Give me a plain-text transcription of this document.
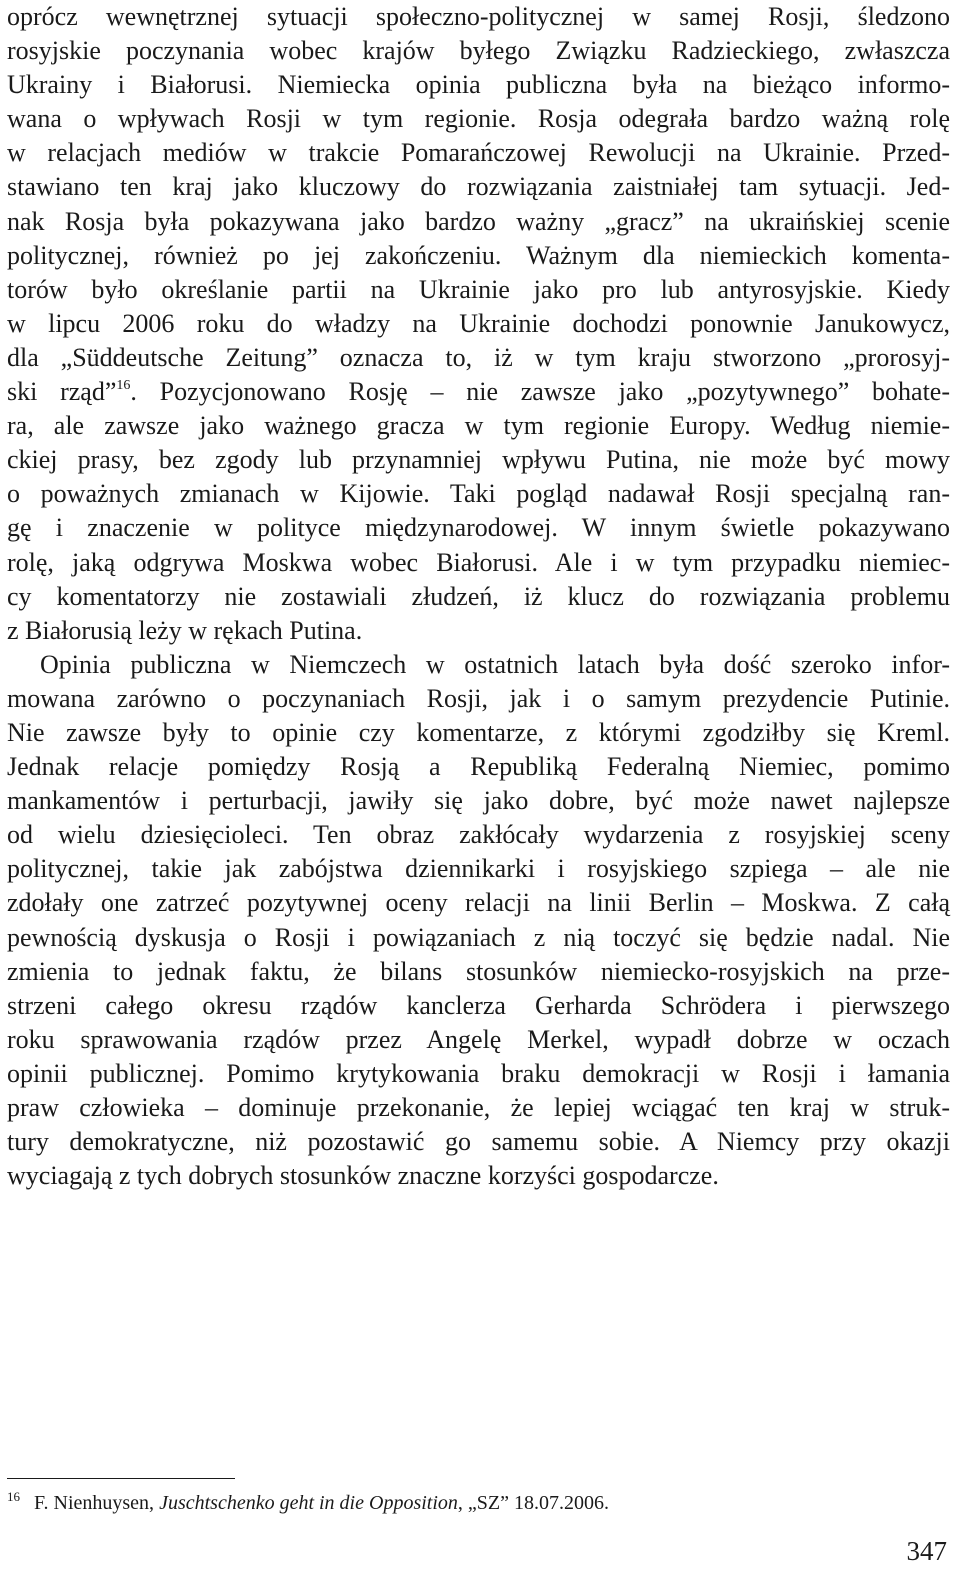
oprócz wewnętrznej sytuacji społeczno-politycznej w samej Rosji, śledzono
rosyjskie poczynania wobec krajów byłego Związku Radzieckiego, zwłaszcza
Ukrainy i Białorusi. Niemiecka opinia publiczna była na bieżąco informo-
wana o wpływach Rosji w tym regionie. Rosja odegrała bardzo ważną rolę
w relacjach mediów w trakcie Pomarańczowej Rewolucji na Ukrainie. Przed-
stawiano ten kraj jako kluczowy do rozwiązania zaistniałej tam sytuacji. Jed-
nak Rosja była pokazywana jako bardzo ważny „gracz” na ukraińskiej scenie
politycznej, również po jej zakończeniu. Ważnym dla niemieckich komenta-
torów było określanie partii na Ukrainie jako pro lub antyrosyjskie. Kiedy
w lipcu 2006 roku do władzy na Ukrainie dochodzi ponownie Janukowycz,
dla „Süddeutsche Zeitung” oznacza to, iż w tym kraju stworzono „prorosyj-
ski rząd”$^{16}$. Pozycjonowano Rosję – nie zawsze jako „pozytywnego” bohate-
ra, ale zawsze jako ważnego gracza w tym regionie Europy. Według niemie-
ckiej prasy, bez zgody lub przynamniej wpływu Putina, nie może być mowy
o poważnych zmianach w Kijowie. Taki pogląd nadawał Rosji specjalną ran-
gę i znaczenie w polityce międzynarodowej. W innym świetle pokazywano
rolę, jaką odgrywa Moskwa wobec Białorusi. Ale i w tym przypadku niemiec-
cy komentatorzy nie zostawiali złudzeń, iż klucz do rozwiązania problemu
z Białorusią leży w rękach Putina.

Opinia publiczna w Niemczech w ostatnich latach była dość szeroko infor-
mowana zarówno o poczynaniach Rosji, jak i o samym prezydencie Putinie.
Nie zawsze były to opinie czy komentarze, z którymi zgodziłby się Kreml.
Jednak relacje pomiędzy Rosją a Republiką Federalną Niemiec, pomimo
mankamentów i perturbacji, jawiły się jako dobre, być może nawet najlepsze
od wielu dziesięcioleci. Ten obraz zakłócały wydarzenia z rosyjskiej sceny
politycznej, takie jak zabójstwa dziennikarki i rosyjskiego szpiega – ale nie
zdołały one zatrzeć pozytywnej oceny relacji na linii Berlin – Moskwa. Z całą
pewnością dyskusja o Rosji i powiązaniach z nią toczyć się będzie nadal. Nie
zmienia to jednak faktu, że bilans stosunków niemiecko-rosyjskich na prze-
strzeni całego okresu rządów kanclerza Gerharda Schrödera i pierwszego
roku sprawowania rządów przez Angelę Merkel, wypadł dobrze w oczach
opinii publicznej. Pomimo krytykowania braku demokracji w Rosji i łamania
praw człowieka – dominuje przekonanie, że lepiej wciągać ten kraj w struk-
tury demokratyczne, niż pozostawić go samemu sobie. A Niemcy przy okazji
wyciagają z tych dobrych stosunków znaczne korzyści gospodarcze.

$^{16}$ F. Nienhuysen, Juschtschenko geht in die Opposition, „SZ” 18.07.2006.
347
